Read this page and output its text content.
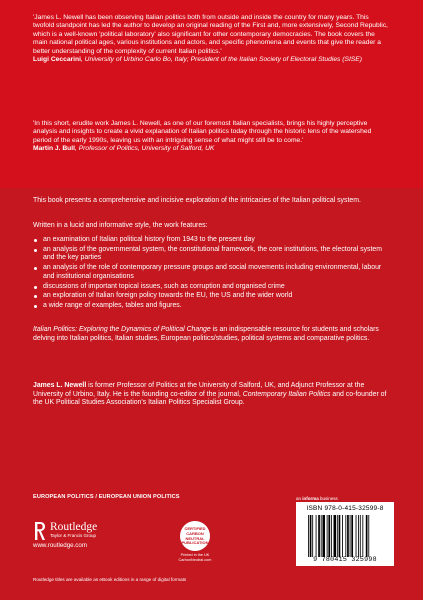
'James L. Newell has been observing Italian politics both from outside and inside the country for many years. This twofold standpoint has led the author to develop an original reading of the First and, more extensively, Second Republic, which is a well-known 'political laboratory' also significant for other contemporary democracies. The book covers the main national political ages, various institutions and actors, and specific phenomena and events that give the reader a better understanding of the complexity of current Italian politics.'

Luigi Ceccarini, University of Urbino Carlo Bo, Italy; President of the Italian Society of Electoral Studies (SISE)

'In this short, erudite work James L. Newell, as one of our foremost Italian specialists, brings his highly perceptive analysis and insights to create a vivid explanation of Italian politics today through the historic lens of the watershed period of the early 1990s, leaving us with an intriguing sense of what might still be to come.'

Martin J. Bull, Professor of Politics, University of Salford, UK

This book presents a comprehensive and incisive exploration of the intricacies of the Italian political system.
Written in a lucid and informative style, the work features:
an examination of Italian political history from 1943 to the present day
an analysis of the governmental system, the constitutional framework, the core institutions, the electoral system and the key parties
an analysis of the role of contemporary pressure groups and social movements including environmental, labour and institutional organisations
discussions of important topical issues, such as corruption and organised crime
an exploration of Italian foreign policy towards the EU, the US and the wider world
a wide range of examples, tables and figures.
Italian Politics: Exploring the Dynamics of Political Change is an indispensable resource for students and scholars delving into Italian politics, Italian studies, European politics/studies, political systems and comparative politics.
James L. Newell is former Professor of Politics at the University of Salford, UK, and Adjunct Professor at the University of Urbino, Italy. He is the founding co-editor of the journal, Contemporary Italian Politics and co-founder of the UK Political Studies Association's Italian Politics Specialist Group.
EUROPEAN POLITICS / EUROPEAN UNION POLITICS
Routledge
Taylor & Francis Group
www.routledge.com
CERTIFIED
CARBON NEUTRAL
PUBLICATION
Printed in the UK
CarbonNeutral.com
an informa business
ISBN 978-0-415-32599-8
9 780415 325998
Routledge titles are available as eBook editions in a range of digital formats
